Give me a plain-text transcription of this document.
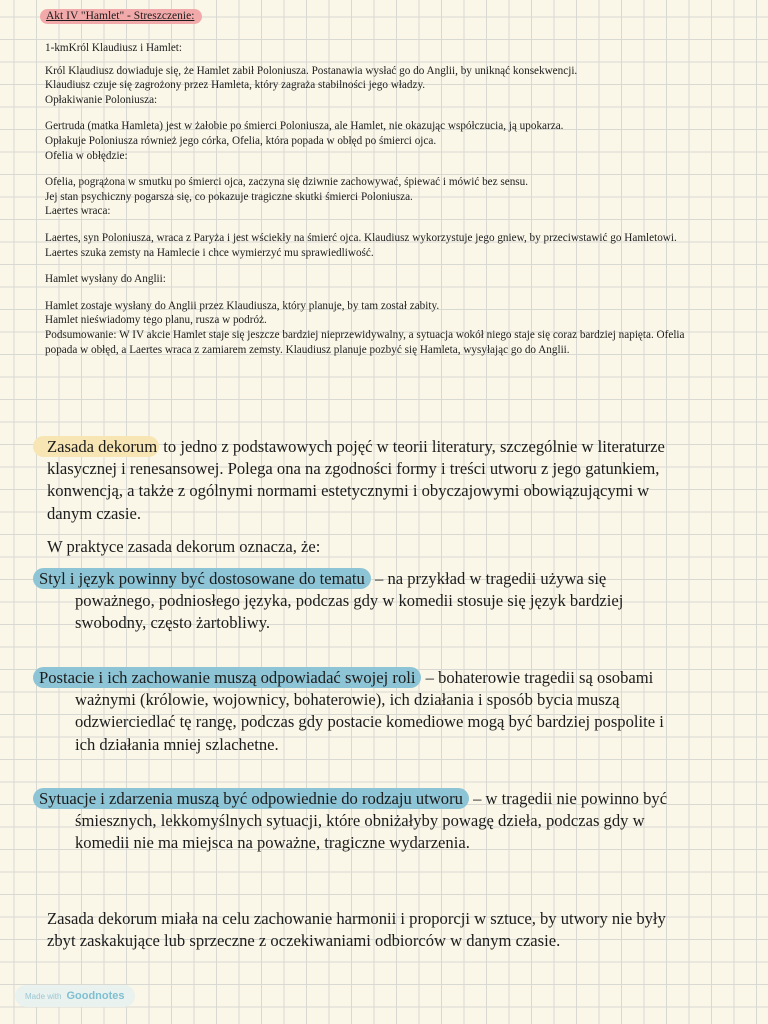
Akt IV "Hamlet" - Streszczenie:

1-kmKról Klaudiusz i Hamlet:

Król Klaudiusz dowiaduje się, że Hamlet zabił Poloniusza. Postanawia wysłać go do Anglii, by uniknąć konsekwencji.

Klaudiusz czuje się zagrożony przez Hamleta, który zagraża stabilności jego władzy.

Opłakiwanie Poloniusza:

Gertruda (matka Hamleta) jest w żałobie po śmierci Poloniusza, ale Hamlet, nie okazując współczucia, ją upokarza.

Opłakuje Poloniusza również jego córka, Ofelia, która popada w obłęd po śmierci ojca.

Ofelia w obłędzie:

Ofelia, pogrążona w smutku po śmierci ojca, zaczyna się dziwnie zachowywać, śpiewać i mówić bez sensu.

Jej stan psychiczny pogarsza się, co pokazuje tragiczne skutki śmierci Poloniusza.

Laertes wraca:

Laertes, syn Poloniusza, wraca z Paryża i jest wściekły na śmierć ojca. Klaudiusz wykorzystuje jego gniew, by przeciwstawić go Hamletowi.

Laertes szuka zemsty na Hamlecie i chce wymierzyć mu sprawiedliwość.

Hamlet wysłany do Anglii:

Hamlet zostaje wysłany do Anglii przez Klaudiusza, który planuje, by tam został zabity.

Hamlet nieświadomy tego planu, rusza w podróż.

Podsumowanie: W IV akcie Hamlet staje się jeszcze bardziej nieprzewidywalny, a sytuacja wokół niego staje się coraz bardziej napięta. Ofelia popada w obłęd, a Laertes wraca z zamiarem zemsty. Klaudiusz planuje pozbyć się Hamleta, wysyłając go do Anglii.

Zasada dekorum to jedno z podstawowych pojęć w teorii literatury, szczególnie w literaturze klasycznej i renesansowej. Polega ona na zgodności formy i treści utworu z jego gatunkiem, konwencją, a także z ogólnymi normami estetycznymi i obyczajowymi obowiązującymi w danym czasie.

W praktyce zasada dekorum oznacza, że:

Styl i język powinny być dostosowane do tematu – na przykład w tragedii używa się poważnego, podniosłego języka, podczas gdy w komedii stosuje się język bardziej swobodny, często żartobliwy.

Postacie i ich zachowanie muszą odpowiadać swojej roli – bohaterowie tragedii są osobami ważnymi (królowie, wojownicy, bohaterowie), ich działania i sposób bycia muszą odzwierciedlać tę rangę, podczas gdy postacie komediowe mogą być bardziej pospolite i ich działania mniej szlachetne.

Sytuacje i zdarzenia muszą być odpowiednie do rodzaju utworu – w tragedii nie powinno być śmiesznych, lekkomyślnych sytuacji, które obniżałyby powagę dzieła, podczas gdy w komedii nie ma miejsca na poważne, tragiczne wydarzenia.

Zasada dekorum miała na celu zachowanie harmonii i proporcji w sztuce, by utwory nie były zbyt zaskakujące lub sprzeczne z oczekiwaniami odbiorców w danym czasie.

Made with Goodnotes
